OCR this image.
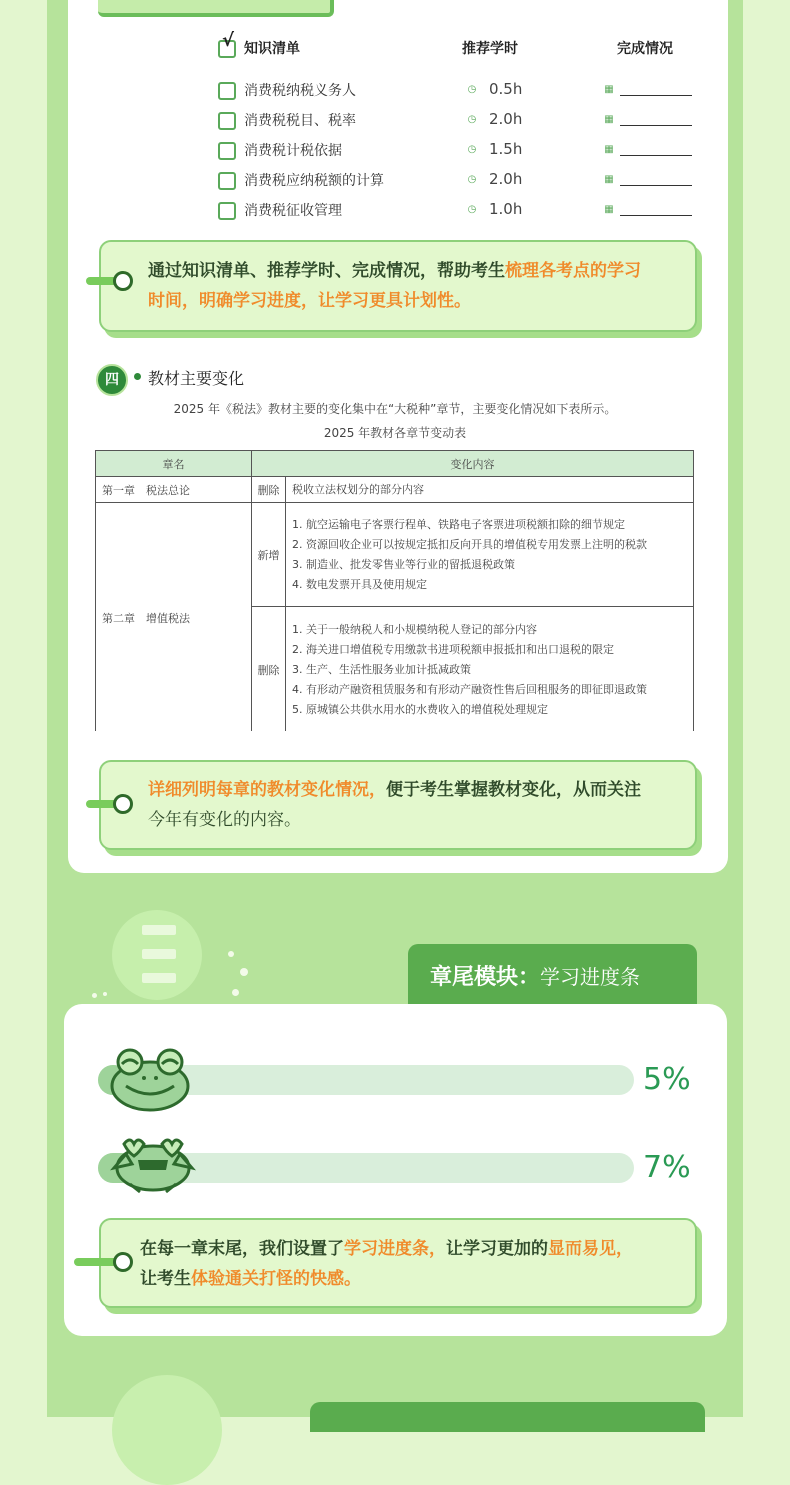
√ 知识清单	推荐学时	完成情况
消费税纳税义务人	◷ 0.5h	▦
消费税税目、税率	◷ 2.0h	▦
消费税计税依据	◷ 1.5h	▦
消费税应纳税额的计算	◷ 2.0h	▦
消费税征收管理	◷ 1.0h	▦
通过知识清单、推荐学时、完成情况，帮助考生梳理各考点的学习
时间，明确学习进度，让学习更具计划性。
四	教材主要变化
2025 年《税法》教材主要的变化集中在“大税种”章节，主要变化情况如下表所示。
2025 年教材各章节变动表
章名	变化内容	
第一章　税法总论	删除	税收立法权划分的部分内容

第二章　增值税法	新增	1. 航空运输电子客票行程单、铁路电子客票进项税额扣除的细节规定
2. 资源回收企业可以按规定抵扣反向开具的增值税专用发票上注明的税款
3. 制造业、批发零售业等行业的留抵退税政策
4. 数电发票开具及使用规定

	删除	1. 关于一般纳税人和小规模纳税人登记的部分内容
2. 海关进口增值税专用缴款书进项税额申报抵扣和出口退税的限定
3. 生产、生活性服务业加计抵减政策
4. 有形动产融资租赁服务和有形动产融资性售后回租服务的即征即退政策
5. 原城镇公共供水用水的水费收入的增值税处理规定
详细列明每章的教材变化情况，便于考生掌握教材变化，从而关注
今年有变化的内容。
章尾模块：学习进度条
5%
7%
在每一章末尾，我们设置了学习进度条，让学习更加的显而易见，
让考生体验通关打怪的快感。
